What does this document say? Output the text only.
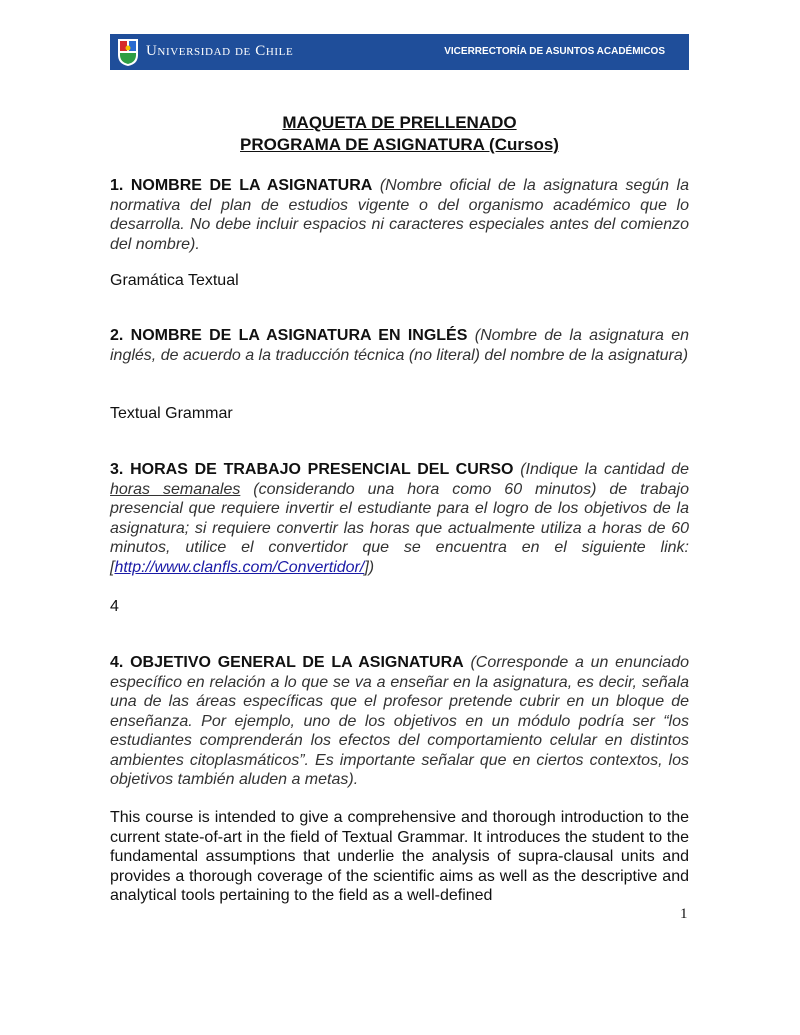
Universidad de Chile	VICERRECTORÍA DE ASUNTOS ACADÉMICOS
MAQUETA DE PRELLENADO
PROGRAMA DE ASIGNATURA (Cursos)
1. NOMBRE DE LA ASIGNATURA (Nombre oficial de la asignatura según la normativa del plan de estudios vigente o del organismo académico que lo desarrolla. No debe incluir espacios ni caracteres especiales antes del comienzo del nombre).
Gramática Textual
2. NOMBRE DE LA ASIGNATURA EN INGLÉS (Nombre de la asignatura en inglés, de acuerdo a la traducción técnica (no literal) del nombre de la asignatura)
Textual Grammar
3. HORAS DE TRABAJO PRESENCIAL DEL CURSO (Indique la cantidad de horas semanales (considerando una hora como 60 minutos) de trabajo presencial que requiere invertir el estudiante para el logro de los objetivos de la asignatura; si requiere convertir las horas que actualmente utiliza a horas de 60 minutos, utilice el convertidor que se encuentra en el siguiente link: [http://www.clanfls.com/Convertidor/])
4
4. OBJETIVO GENERAL DE LA ASIGNATURA (Corresponde a un enunciado específico en relación a lo que se va a enseñar en la asignatura, es decir, señala una de las áreas específicas que el profesor pretende cubrir en un bloque de enseñanza. Por ejemplo, uno de los objetivos en un módulo podría ser “los estudiantes comprenderán los efectos del comportamiento celular en distintos ambientes citoplasmáticos”. Es importante señalar que en ciertos contextos, los objetivos también aluden a metas).
This course is intended to give a comprehensive and thorough introduction to the current state-of-art in the field of Textual Grammar. It introduces the student to the fundamental assumptions that underlie the analysis of supra-clausal units and provides a thorough coverage of the scientific aims as well as the descriptive and analytical tools pertaining to the field as a well-defined
1
